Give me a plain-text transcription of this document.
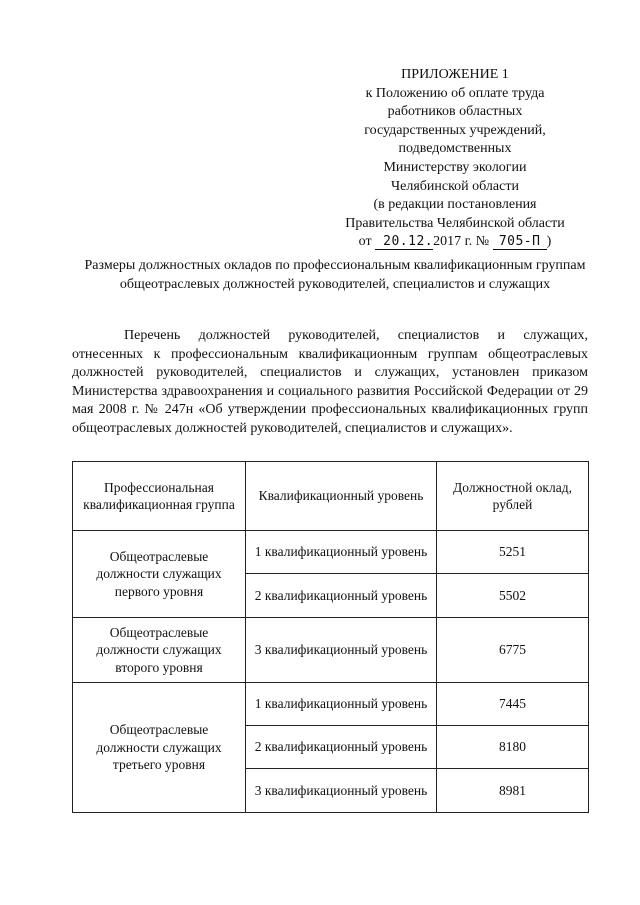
ПРИЛОЖЕНИЕ 1
к Положению об оплате труда
работников областных
государственных учреждений,
подведомственных
Министерству экологии
Челябинской области
(в редакции постановления
Правительства Челябинской области
от 20.12.2017 г. № 705-П )
Размеры должностных окладов по профессиональным квалификационным группам общеотраслевых должностей руководителей, специалистов и служащих
Перечень должностей руководителей, специалистов и служащих, отнесенных к профессиональным квалификационным группам общеотраслевых должностей руководителей, специалистов и служащих, установлен приказом Министерства здравоохранения и социального развития Российской Федерации от 29 мая 2008 г. № 247н «Об утверждении профессиональных квалификационных групп общеотраслевых должностей руководителей, специалистов и служащих».
Профессиональная квалификационная группа	Квалификационный уровень	Должностной оклад, рублей
Общеотраслевые должности служащих первого уровня	1 квалификационный уровень	5251
	2 квалификационный уровень	5502
Общеотраслевые должности служащих второго уровня	3 квалификационный уровень	6775
Общеотраслевые должности служащих третьего уровня	1 квалификационный уровень	7445
	2 квалификационный уровень	8180
	3 квалификационный уровень	8981
